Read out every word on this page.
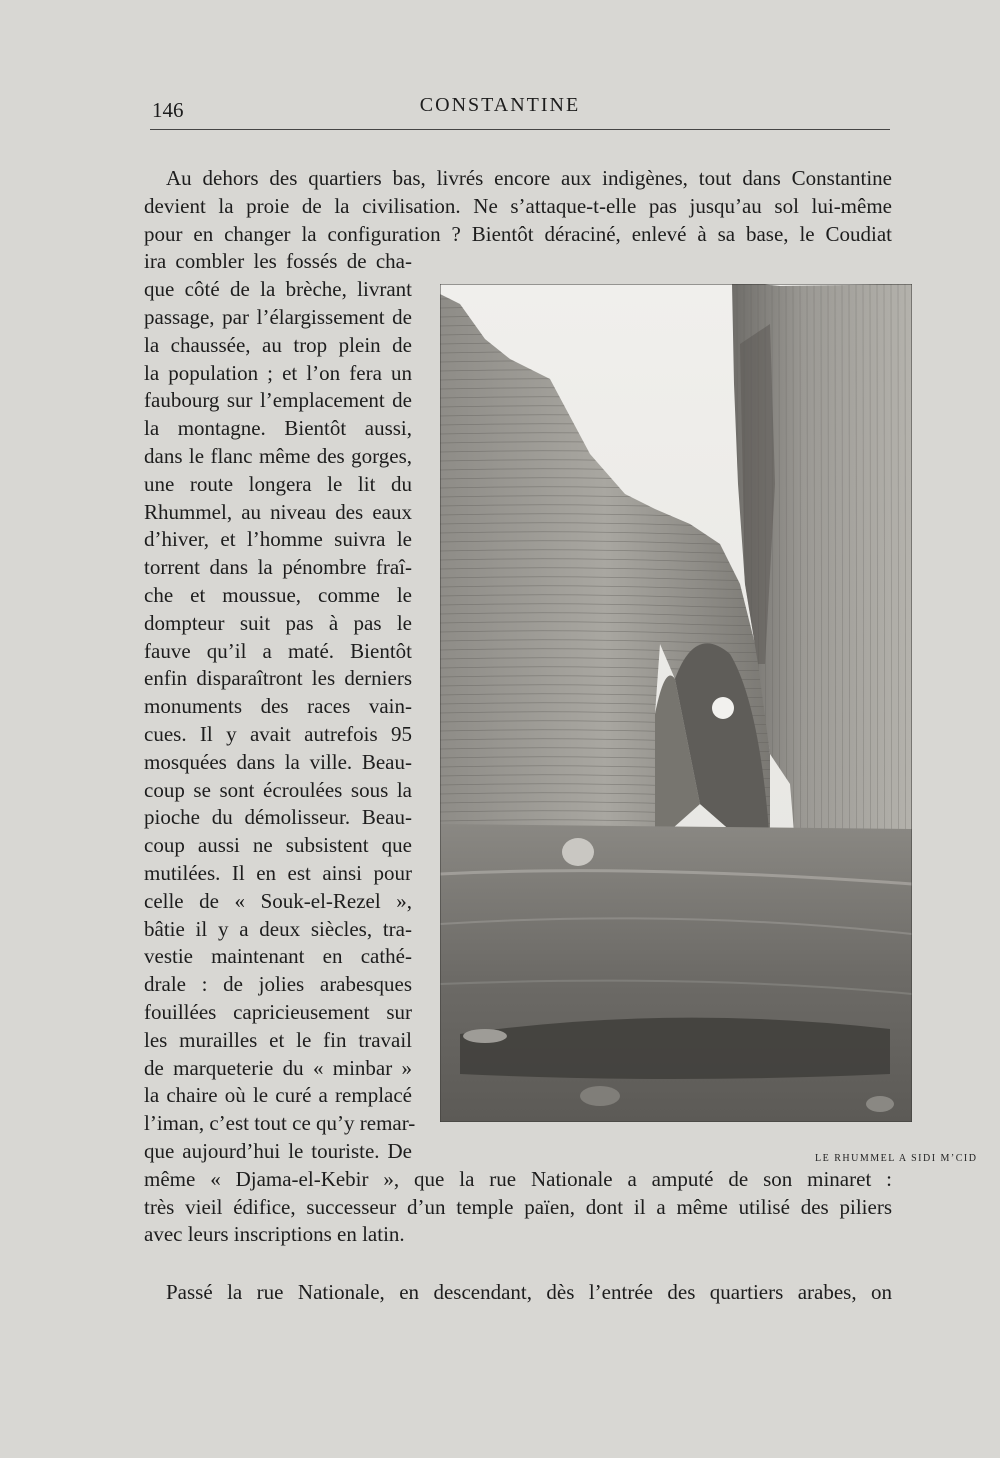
146	CONSTANTINE
Au dehors des quartiers bas, livrés encore aux indigènes, tout dans Constantine
devient la proie de la civilisation. Ne s’attaque-t-elle pas jusqu’au sol lui-même
pour en changer la configuration ? Bientôt déraciné, enlevé à sa base, le Coudiat
ira combler les fossés de cha-
que côté de la brèche, livrant
passage, par l’élargissement de
la chaussée, au trop plein de
la population ; et l’on fera un
faubourg sur l’emplacement de
la montagne. Bientôt aussi,
dans le flanc même des gorges,
une route longera le lit du
Rhummel, au niveau des eaux
d’hiver, et l’homme suivra le
torrent dans la pénombre fraî-
che et moussue, comme le
dompteur suit pas à pas le
fauve qu’il a maté. Bientôt
enfin disparaîtront les derniers
monuments des races vain-
cues. Il y avait autrefois 95
mosquées dans la ville. Beau-
coup se sont écroulées sous la
pioche du démolisseur. Beau-
coup aussi ne subsistent que
mutilées. Il en est ainsi pour
celle de « Souk-el-Rezel »,
bâtie il y a deux siècles, tra-
vestie maintenant en cathé-
drale : de jolies arabesques
fouillées capricieusement sur
les murailles et le fin travail
de marqueterie du « minbar »
la chaire où le curé a remplacé
l’iman, c’est tout ce qu’y remar-
que aujourd’hui le touriste. De
même « Djama-el-Kebir », que la rue Nationale a amputé de son minaret :
très vieil édifice, successeur d’un temple païen, dont il a même utilisé des piliers
avec leurs inscriptions en latin.
Passé la rue Nationale, en descendant, dès l’entrée des quartiers arabes, on
LE RHUMMEL A SIDI M’CID
